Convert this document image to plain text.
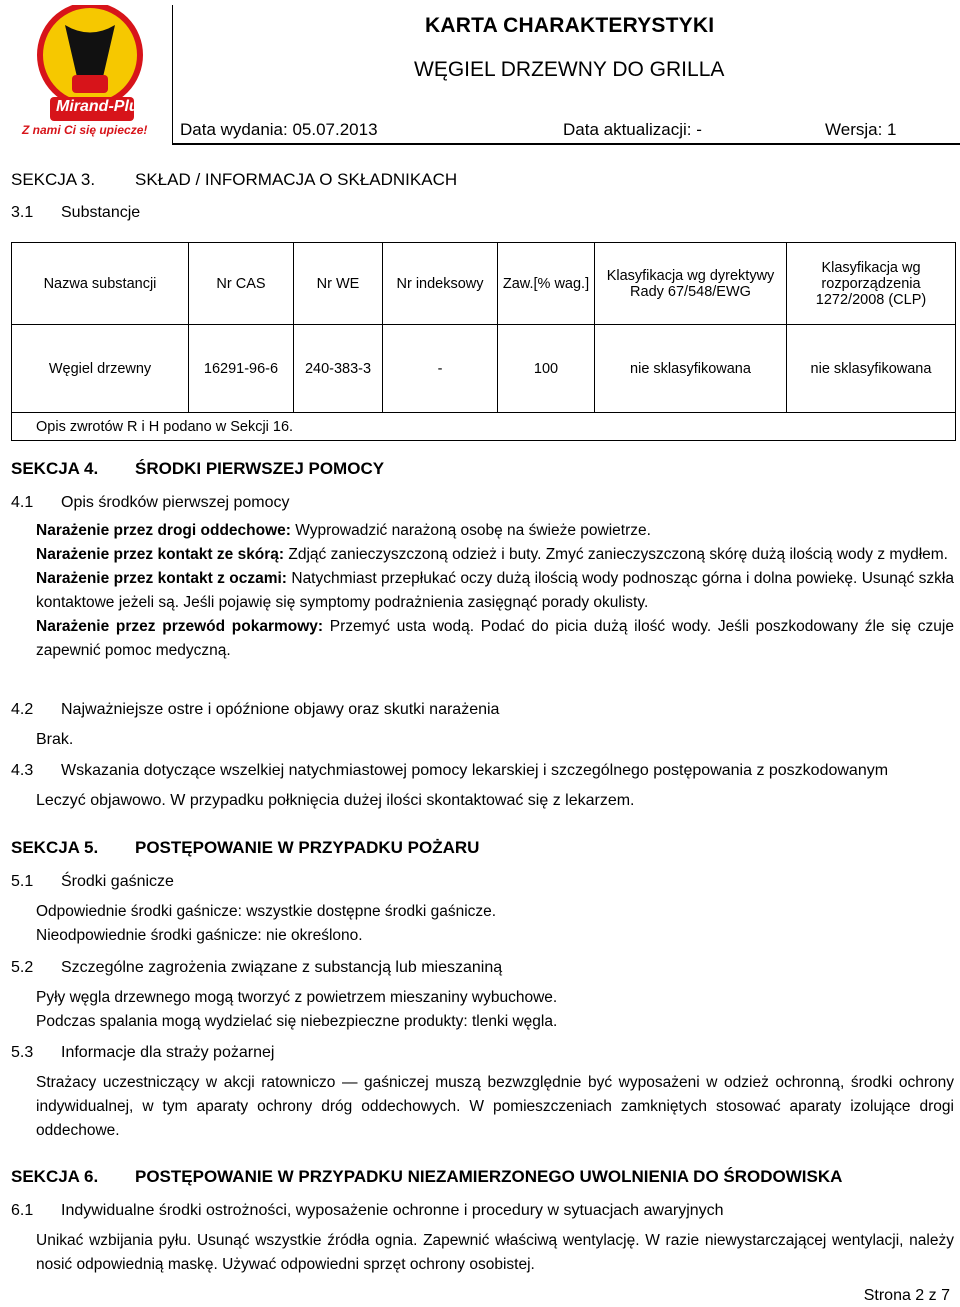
Mirand-Plus
Z nami Ci się upiecze!
KARTA CHARAKTERYSTYKI
WĘGIEL DRZEWNY DO GRILLA
Data wydania: 05.07.2013	Data aktualizacji: -	Wersja: 1
SEKCJA 3. SKŁAD / INFORMACJA O SKŁADNIKACH
3.1 Substancje
Nazwa substancji	Nr CAS	Nr WE	Nr indeksowy	Zaw.[% wag.]	Klasyfikacja wg dyrektywy Rady 67/548/EWG	Klasyfikacja wg rozporządzenia 1272/2008 (CLP)
Węgiel drzewny	16291-96-6	240-383-3	-	100	nie sklasyfikowana	nie sklasyfikowana
Opis zwrotów R i H podano w Sekcji 16.						
SEKCJA 4. ŚRODKI PIERWSZEJ POMOCY
4.1 Opis środków pierwszej pomocy
Narażenie przez drogi oddechowe: Wyprowadzić narażoną osobę na świeże powietrze.
Narażenie przez kontakt ze skórą: Zdjąć zanieczyszczoną odzież i buty. Zmyć zanieczyszczoną skórę dużą ilością wody z mydłem.
Narażenie przez kontakt z oczami: Natychmiast przepłukać oczy dużą ilością wody podnosząc górna i dolna powiekę. Usunąć szkła kontaktowe jeżeli są. Jeśli pojawię się symptomy podrażnienia zasięgnąć porady okulisty.
Narażenie przez przewód pokarmowy: Przemyć usta wodą. Podać do picia dużą ilość wody. Jeśli poszkodowany źle się czuje zapewnić pomoc medyczną.
4.2 Najważniejsze ostre i opóźnione objawy oraz skutki narażenia
Brak.
4.3 Wskazania dotyczące wszelkiej natychmiastowej pomocy lekarskiej i szczególnego postępowania z poszkodowanym
Leczyć objawowo. W przypadku połknięcia dużej ilości skontaktować się z lekarzem.
SEKCJA 5. POSTĘPOWANIE W PRZYPADKU POŻARU
5.1 Środki gaśnicze
Odpowiednie środki gaśnicze: wszystkie dostępne środki gaśnicze.
Nieodpowiednie środki gaśnicze: nie określono.
5.2 Szczególne zagrożenia związane z substancją lub mieszaniną
Pyły węgla drzewnego mogą tworzyć z powietrzem mieszaniny wybuchowe.
Podczas spalania mogą wydzielać się niebezpieczne produkty: tlenki węgla.
5.3 Informacje dla straży pożarnej
Strażacy uczestniczący w akcji ratowniczo — gaśniczej muszą bezwzględnie być wyposażeni w odzież ochronną, środki ochrony indywidualnej, w tym aparaty ochrony dróg oddechowych. W pomieszczeniach zamkniętych stosować aparaty izolujące drogi oddechowe.
SEKCJA 6. POSTĘPOWANIE W PRZYPADKU NIEZAMIERZONEGO UWOLNIENIA DO ŚRODOWISKA
6.1 Indywidualne środki ostrożności, wyposażenie ochronne i procedury w sytuacjach awaryjnych
Unikać wzbijania pyłu. Usunąć wszystkie źródła ognia. Zapewnić właściwą wentylację. W razie niewystarczającej wentylacji, należy nosić odpowiednią maskę. Używać odpowiedni sprzęt ochrony osobistej.
Strona 2 z 7
